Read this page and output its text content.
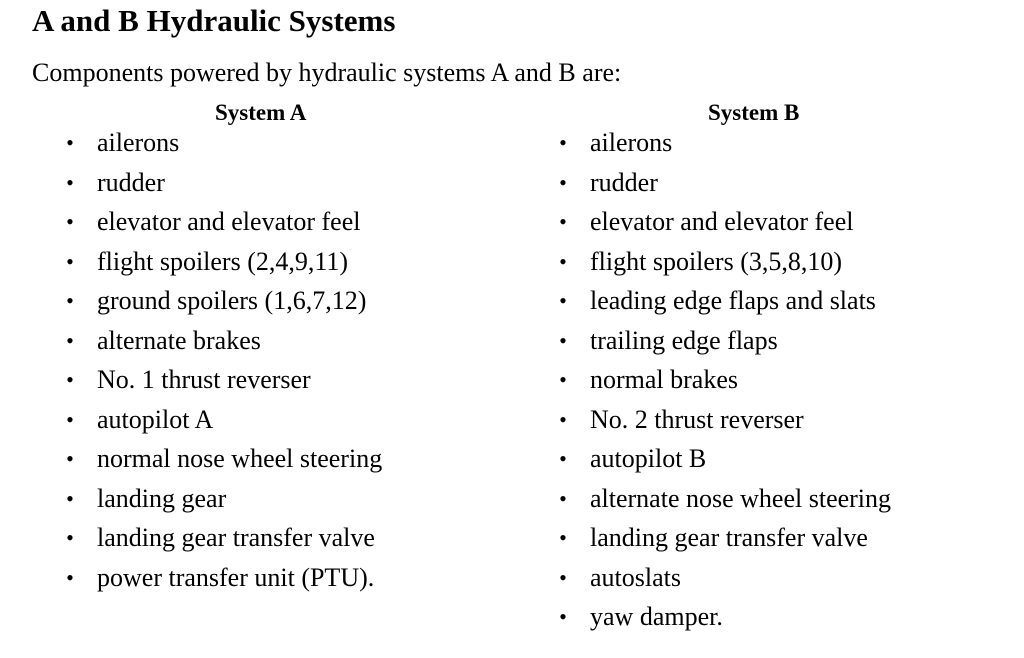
A and B Hydraulic Systems
Components powered by hydraulic systems A and B are:
System A
• ailerons
• rudder
• elevator and elevator feel
• flight spoilers (2,4,9,11)
• ground spoilers (1,6,7,12)
• alternate brakes
• No. 1 thrust reverser
• autopilot A
• normal nose wheel steering
• landing gear
• landing gear transfer valve
• power transfer unit (PTU).
System B
• ailerons
• rudder
• elevator and elevator feel
• flight spoilers (3,5,8,10)
• leading edge flaps and slats
• trailing edge flaps
• normal brakes
• No. 2 thrust reverser
• autopilot B
• alternate nose wheel steering
• landing gear transfer valve
• autoslats
• yaw damper.
